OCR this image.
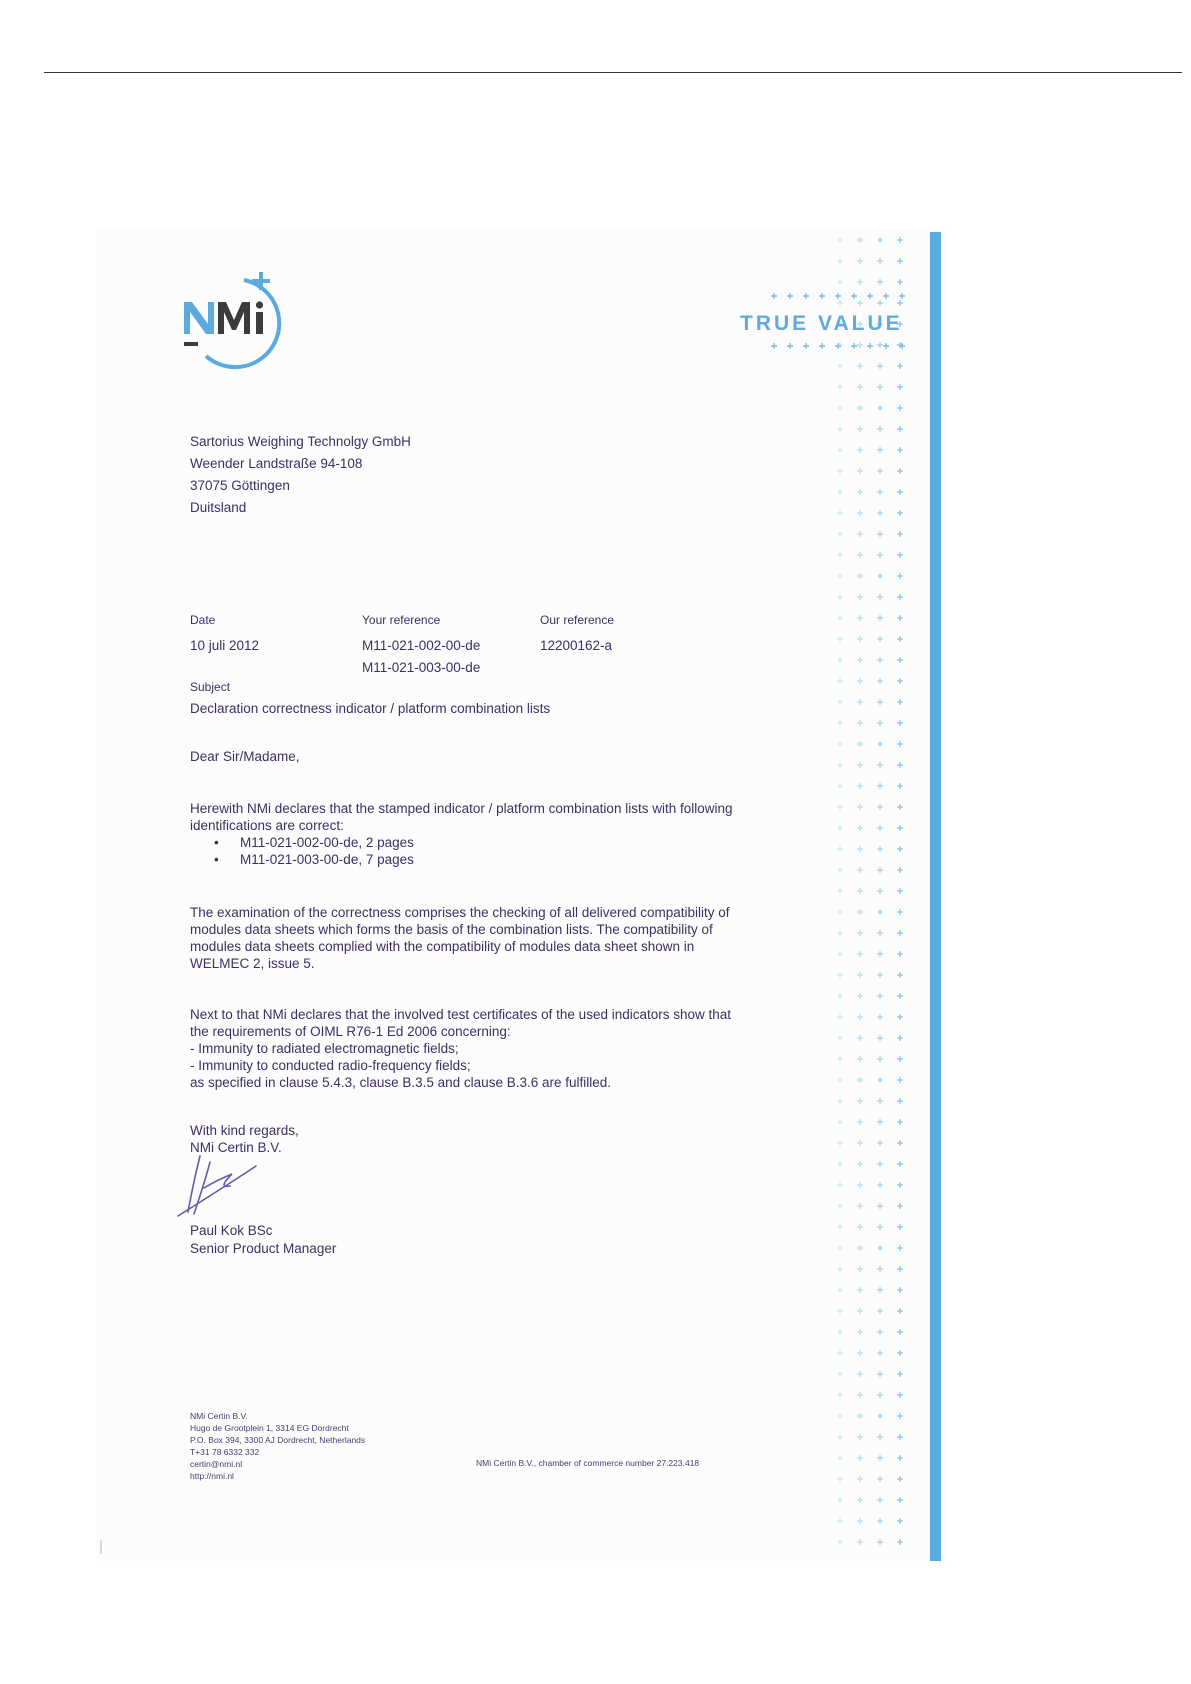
TRUE VALUE
Sartorius Weighing Technolgy GmbH
Weender Landstraße 94-108
37075 Göttingen
Duitsland
Date
10 juli 2012
Your reference
M11-021-002-00-de
M11-021-003-00-de
Our reference
12200162-a
Subject
Declaration correctness indicator / platform combination lists
Dear Sir/Madame,
Herewith NMi declares that the stamped indicator / platform combination lists with following
identifications are correct:
•	M11-021-002-00-de, 2 pages
•	M11-021-003-00-de, 7 pages
The examination of the correctness comprises the checking of all delivered compatibility of
modules data sheets which forms the basis of the combination lists. The compatibility of
modules data sheets complied with the compatibility of modules data sheet shown in
WELMEC 2, issue 5.
Next to that NMi declares that the involved test certificates of the used indicators show that
the requirements of OIML R76-1 Ed 2006 concerning:
- Immunity to radiated electromagnetic fields;
- Immunity to conducted radio-frequency fields;
as specified in clause 5.4.3, clause B.3.5 and clause B.3.6 are fulfilled.
With kind regards,
NMi Certin B.V.
Paul Kok BSc
Senior Product Manager
NMi Certin B.V.
Hugo de Grootplein 1, 3314 EG Dordrecht
P.O. Box 394, 3300 AJ Dordrecht, Netherlands
T+31 78 6332 332
certin@nmi.nl
http://nmi.nl
NMi Certin B.V., chamber of commerce number 27.223.418
